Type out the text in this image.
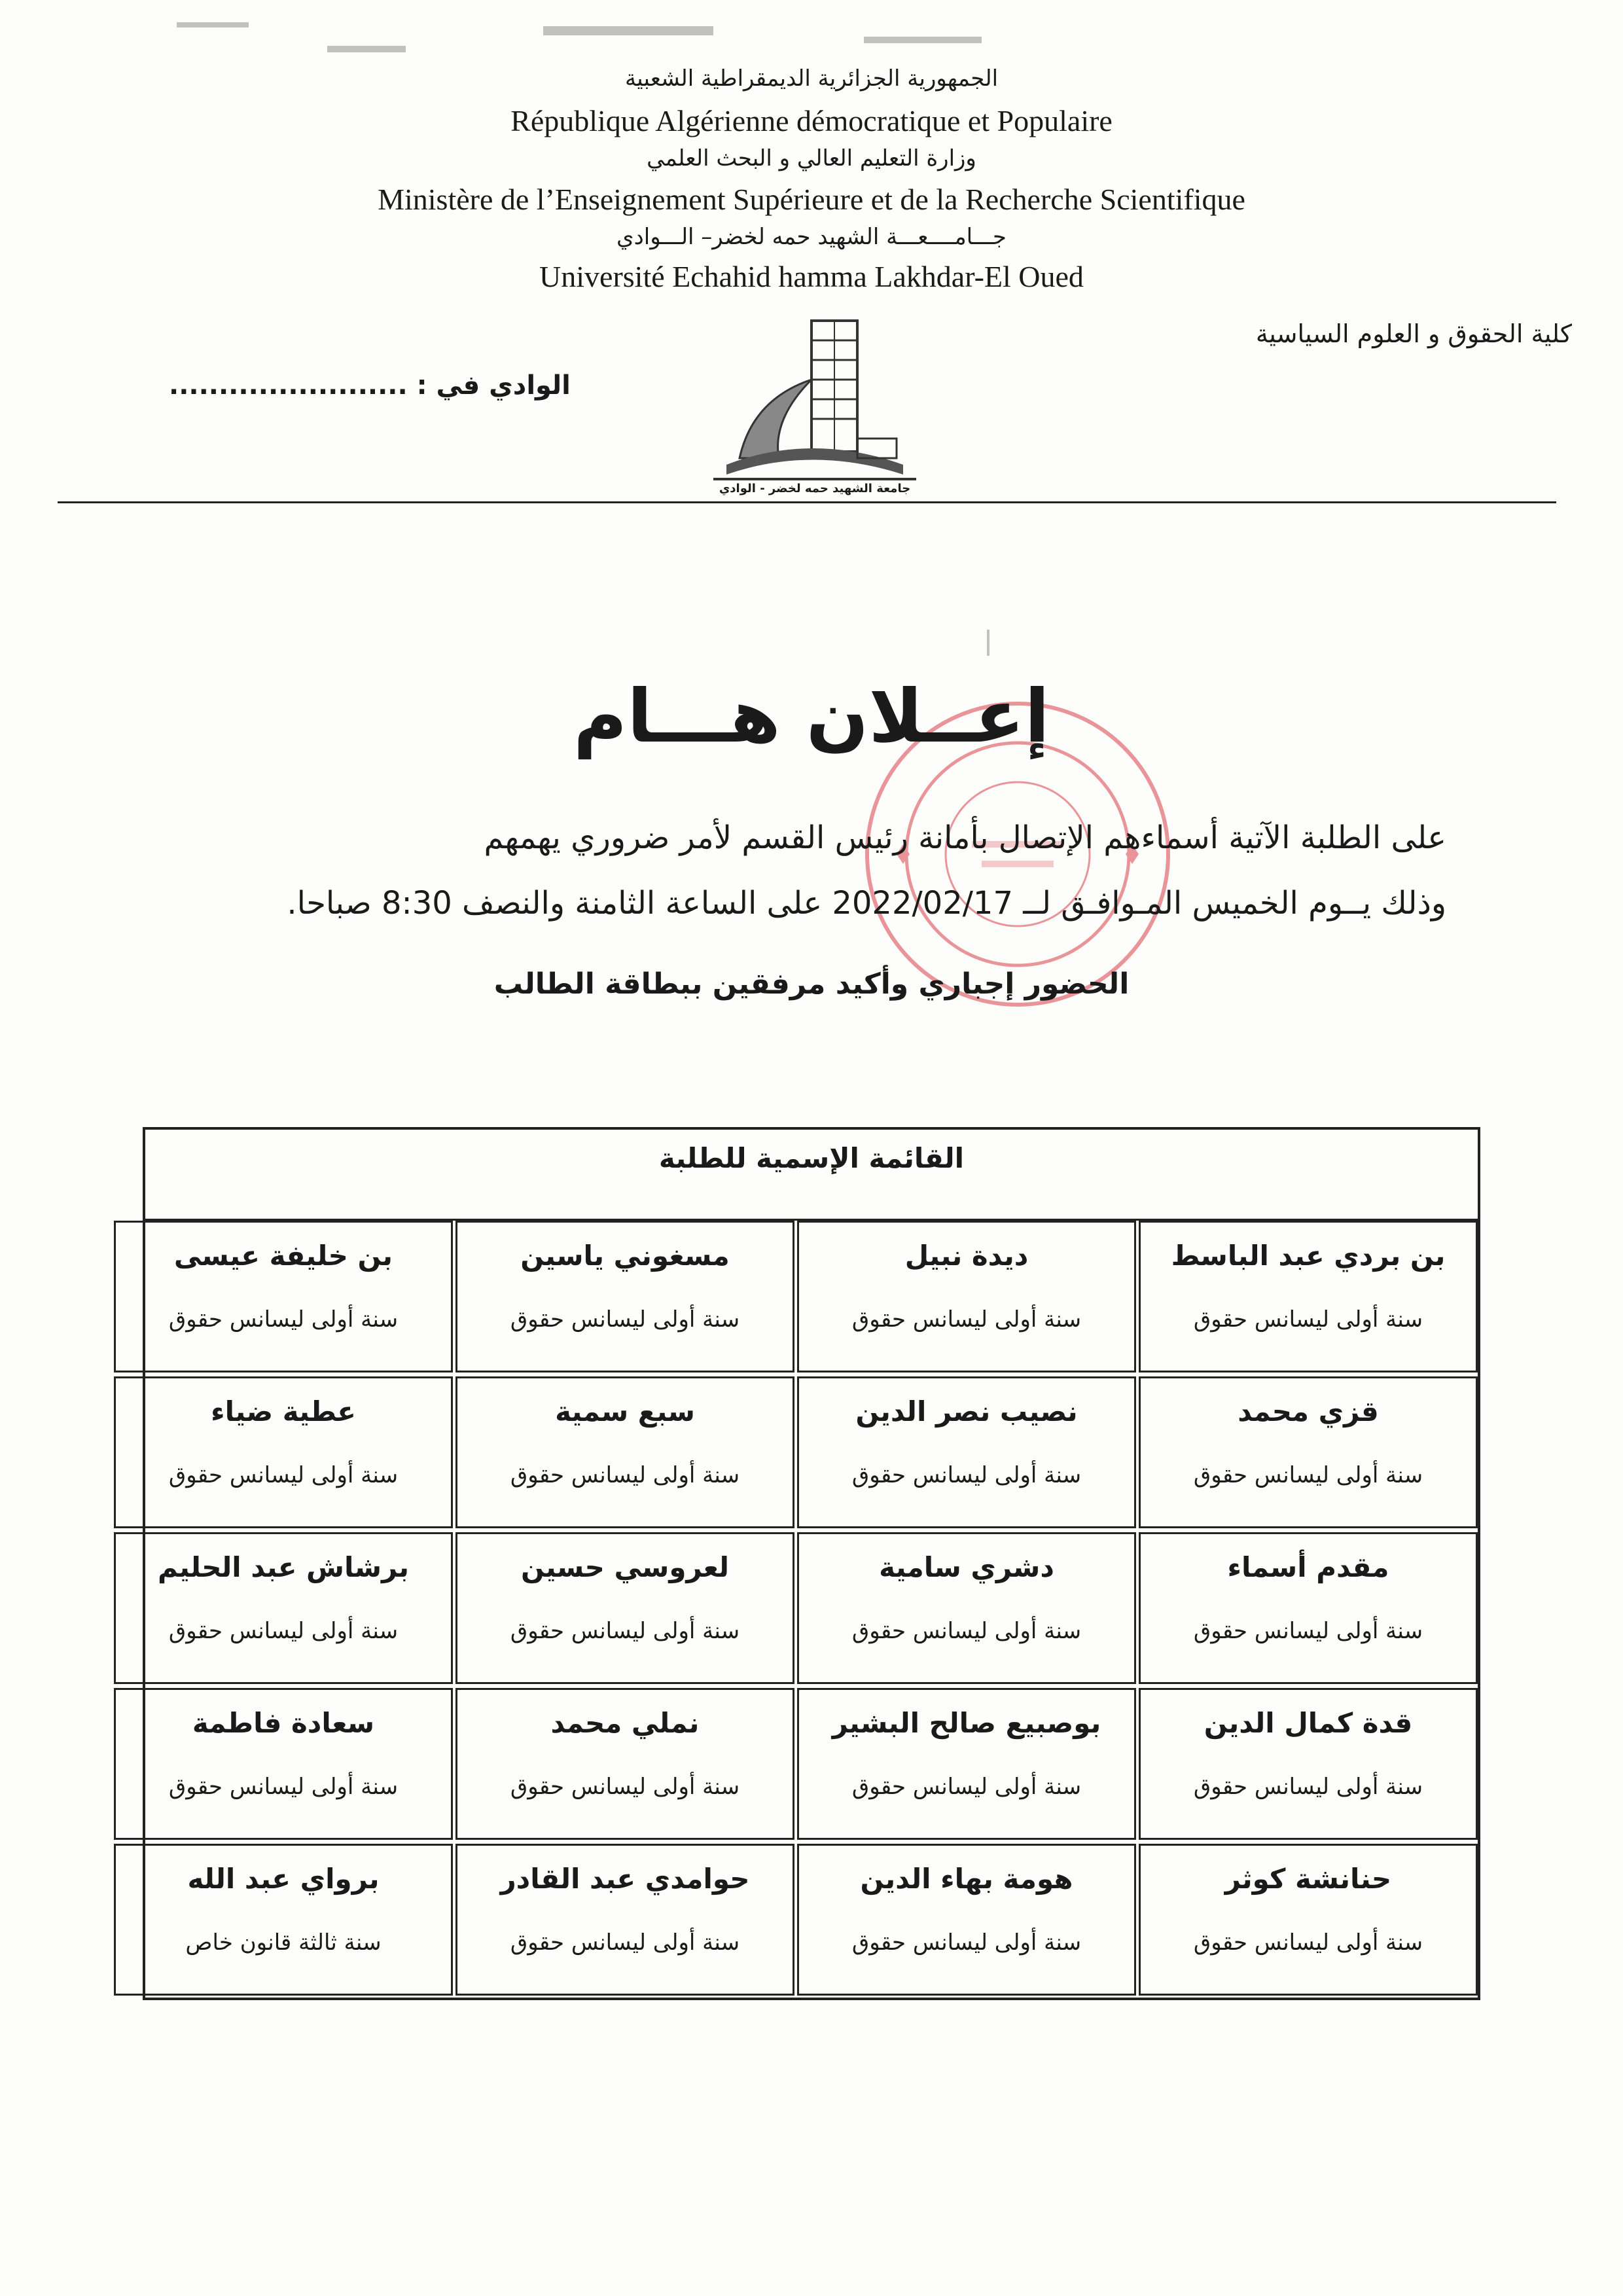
الجمهورية الجزائرية الديمقراطية الشعبية
République Algérienne démocratique et Populaire
وزارة التعليم العالي و البحث العلمي
Ministère de l’Enseignement Supérieure et de la Recherche Scientifique
جـــامــــعـــة الشهيد حمه لخضر– الـــوادي
Université Echahid hamma Lakhdar-El Oued
كلية الحقوق و العلوم السياسية
........................ الوادي في :
جامعة الشهيد حمه لخضر - الوادي
إعــلان هـــام
على الطلبة الآتية أسماءهم الإتصال بأمانة رئيس القسم لأمر ضروري يهمهم
وذلك يــوم الخميس المـوافـق لــ 2022/02/17 على الساعة الثامنة والنصف 8:30 صباحا.
الحضور إجباري وأكيد مرفقين ببطاقة الطالب
القائمة الإسمية للطلبة
بن بردي عبد الباسط
سنة أولى ليسانس حقوق
ديدة نبيل
سنة أولى ليسانس حقوق
مسغوني ياسين
سنة أولى ليسانس حقوق
بن خليفة عيسى
سنة أولى ليسانس حقوق
قزي محمد
سنة أولى ليسانس حقوق
نصيب نصر الدين
سنة أولى ليسانس حقوق
سبع سمية
سنة أولى ليسانس حقوق
عطية ضياء
سنة أولى ليسانس حقوق
مقدم أسماء
سنة أولى ليسانس حقوق
دشري سامية
سنة أولى ليسانس حقوق
لعروسي حسين
سنة أولى ليسانس حقوق
برشاش عبد الحليم
سنة أولى ليسانس حقوق
قدة كمال الدين
سنة أولى ليسانس حقوق
بوصبيع صالح البشير
سنة أولى ليسانس حقوق
نملي محمد
سنة أولى ليسانس حقوق
سعادة فاطمة
سنة أولى ليسانس حقوق
حنانشة كوثر
سنة أولى ليسانس حقوق
هومة بهاء الدين
سنة أولى ليسانس حقوق
حوامدي عبد القادر
سنة أولى ليسانس حقوق
برواي عبد الله
سنة ثالثة قانون خاص
